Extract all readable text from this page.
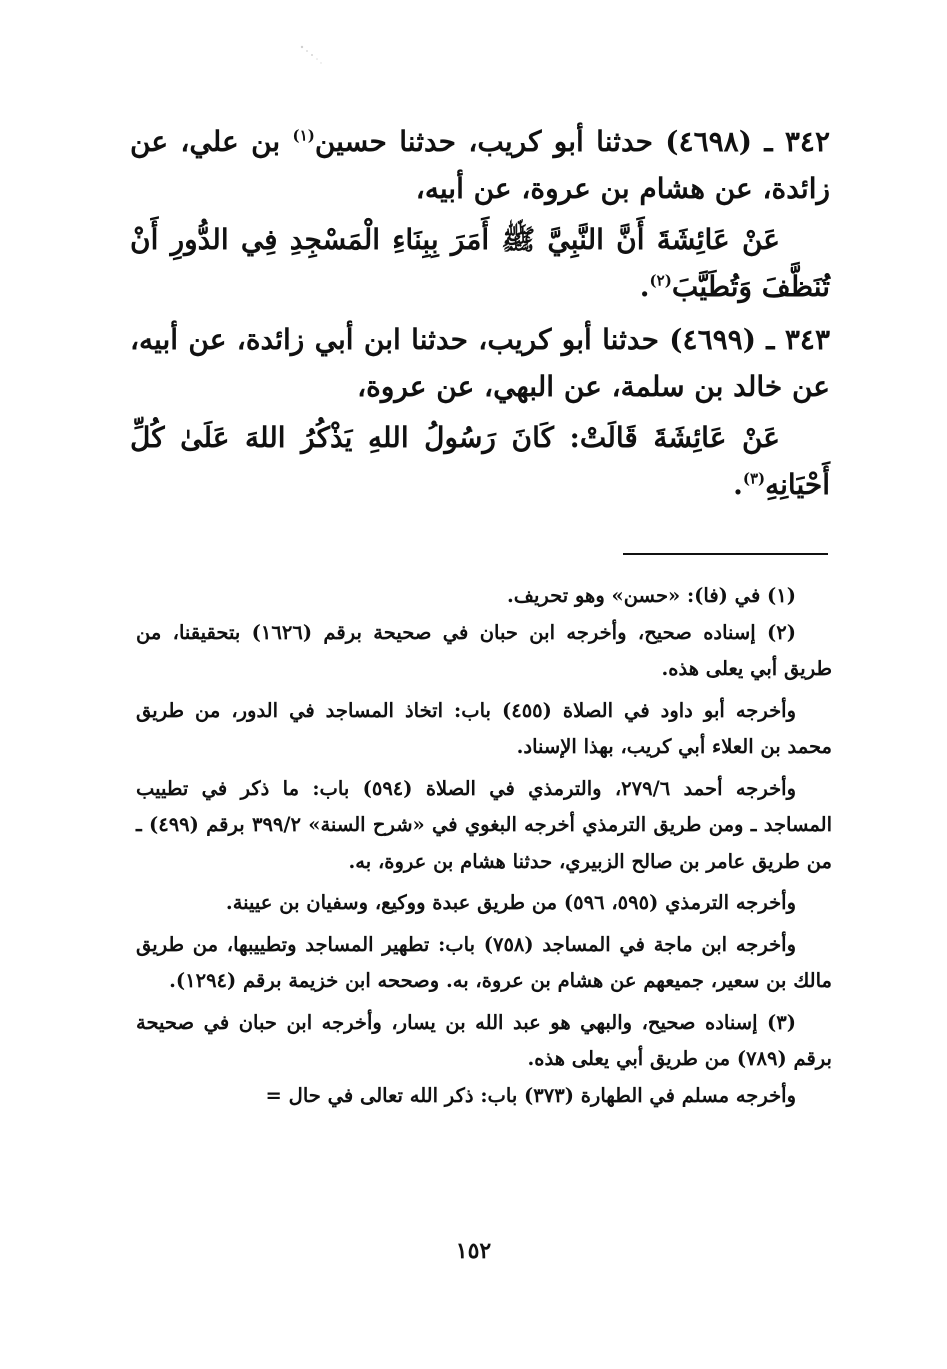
٣٤٢ ـ (٤٦٩٨) حدثنا أبو كريب، حدثنا حسين$^{(١)}$ بن علي، عن زائدة، عن هشام بن عروة، عن أبيه،

عَنْ عَائِشَةَ أَنَّ النَّبِيَّ ﷺ أَمَرَ بِبِنَاءِ الْمَسْجِدِ فِي الدُّورِ أَنْ تُنَظَّفَ وَتُطَيَّبَ$^{(٢)}$.

٣٤٣ ـ (٤٦٩٩) حدثنا أبو كريب، حدثنا ابن أبي زائدة، عن أبيه، عن خالد بن سلمة، عن البهي، عن عروة،

عَنْ عَائِشَةَ قَالَتْ: كَانَ رَسُولُ اللهِ يَذْكُرُ اللهَ عَلَىٰ كُلِّ أَحْيَانِهِ$^{(٣)}$.

(١) في (فا): «حسن» وهو تحريف.

(٢) إسناده صحيح، وأخرجه ابن حبان في صحيحة برقم (١٦٢٦) بتحقيقنا، من طريق أبي يعلى هذه.

وأخرجه أبو داود في الصلاة (٤٥٥) باب: اتخاذ المساجد في الدور، من طريق محمد بن العلاء أبي كريب، بهذا الإسناد.

وأخرجه أحمد ٢٧٩/٦، والترمذي في الصلاة (٥٩٤) باب: ما ذكر في تطييب المساجد ـ ومن طريق الترمذي أخرجه البغوي في «شرح السنة» ٣٩٩/٢ برقم (٤٩٩) ـ من طريق عامر بن صالح الزبيري، حدثنا هشام بن عروة، به.

وأخرجه الترمذي (٥٩٥، ٥٩٦) من طريق عبدة ووكيع، وسفيان بن عيينة.

وأخرجه ابن ماجة في المساجد (٧٥٨) باب: تطهير المساجد وتطييبها، من طريق مالك بن سعير، جميعهم عن هشام بن عروة، به. وصححه ابن خزيمة برقم (١٢٩٤).

(٣) إسناده صحيح، والبهي هو عبد الله بن يسار، وأخرجه ابن حبان في صحيحة برقم (٧٨٩) من طريق أبي يعلى هذه.

وأخرجه مسلم في الطهارة (٣٧٣) باب: ذكر الله تعالى في حال =

١٥٢
